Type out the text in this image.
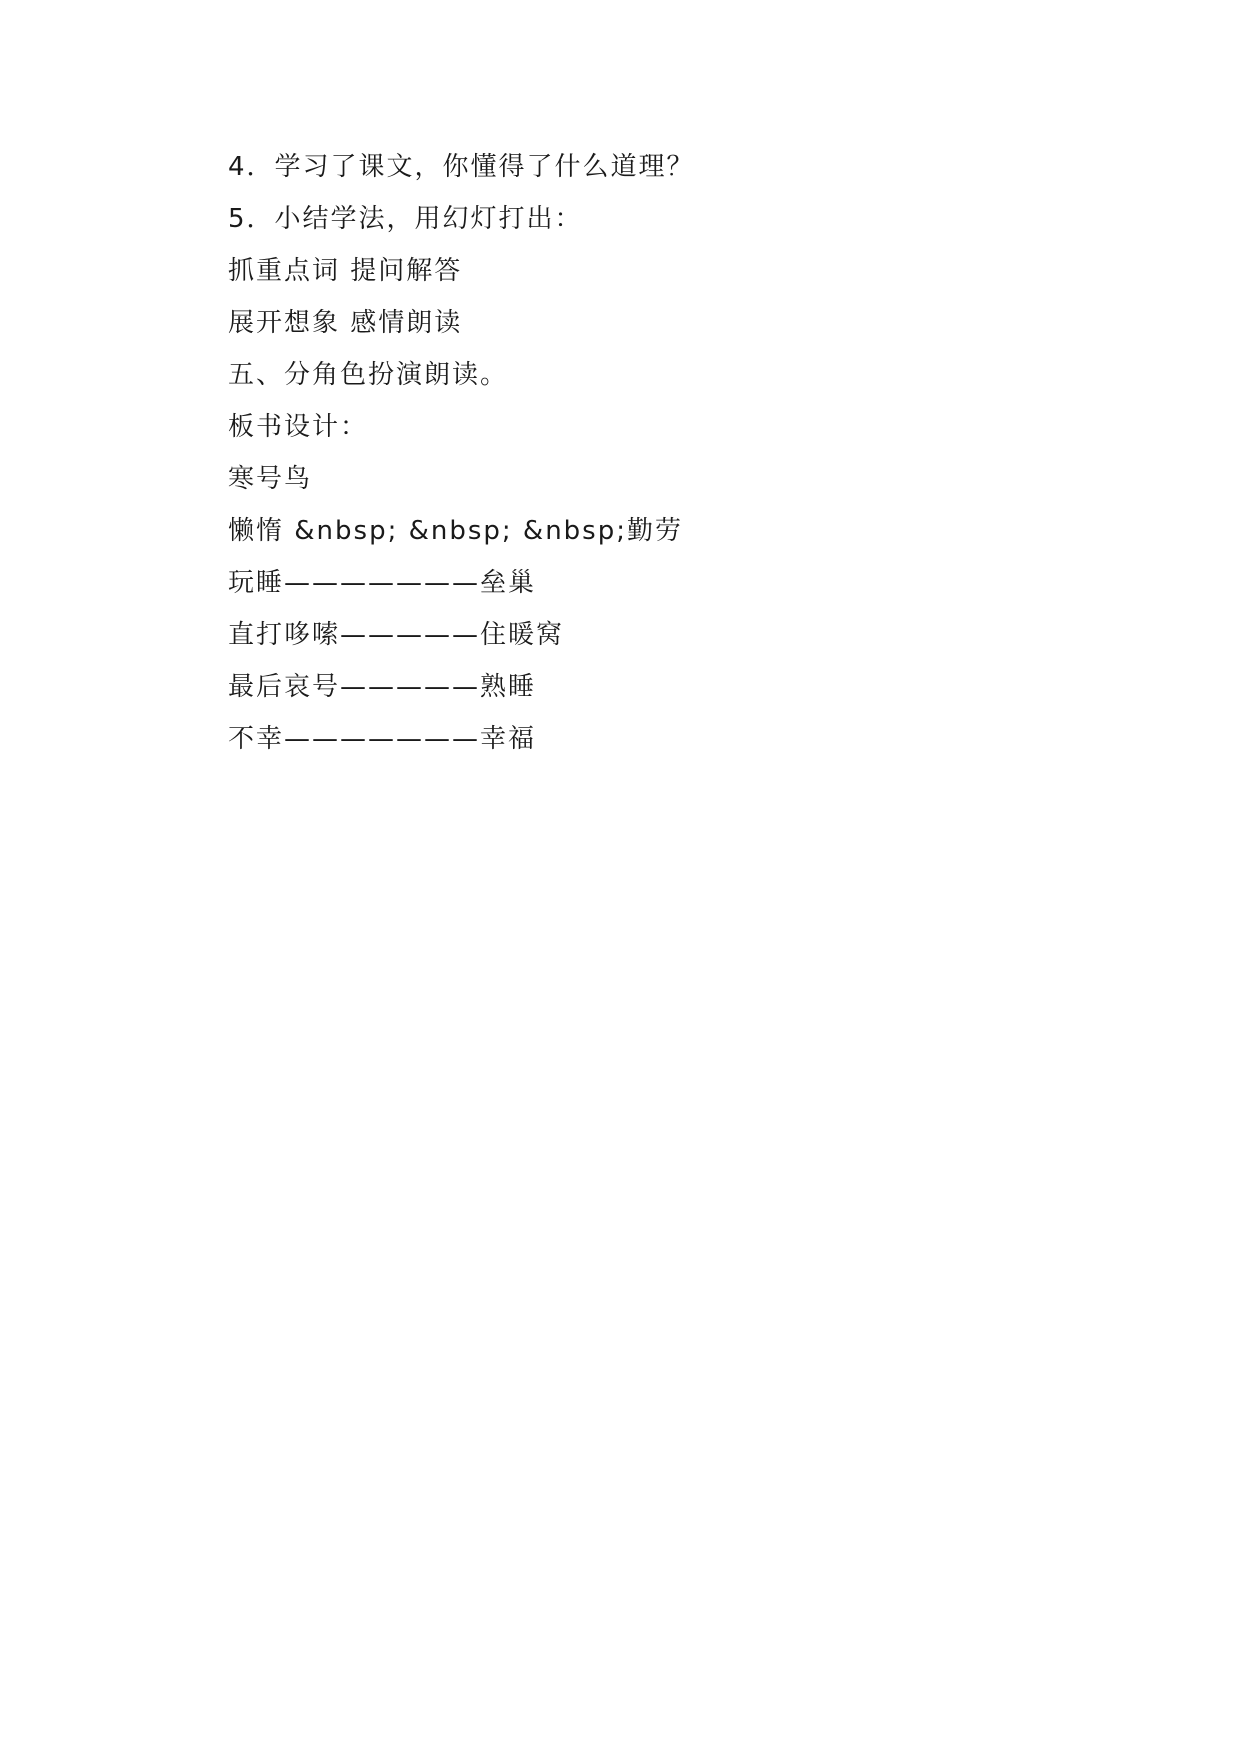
4．学习了课文，你懂得了什么道理？

5．小结学法，用幻灯打出：

抓重点词 提问解答

展开想象 感情朗读

五、分角色扮演朗读。

板书设计：

寒号鸟

懒惰 &nbsp; &nbsp; &nbsp;勤劳

玩睡———————垒巢

直打哆嗦—————住暖窝

最后哀号—————熟睡

不幸———————幸福
